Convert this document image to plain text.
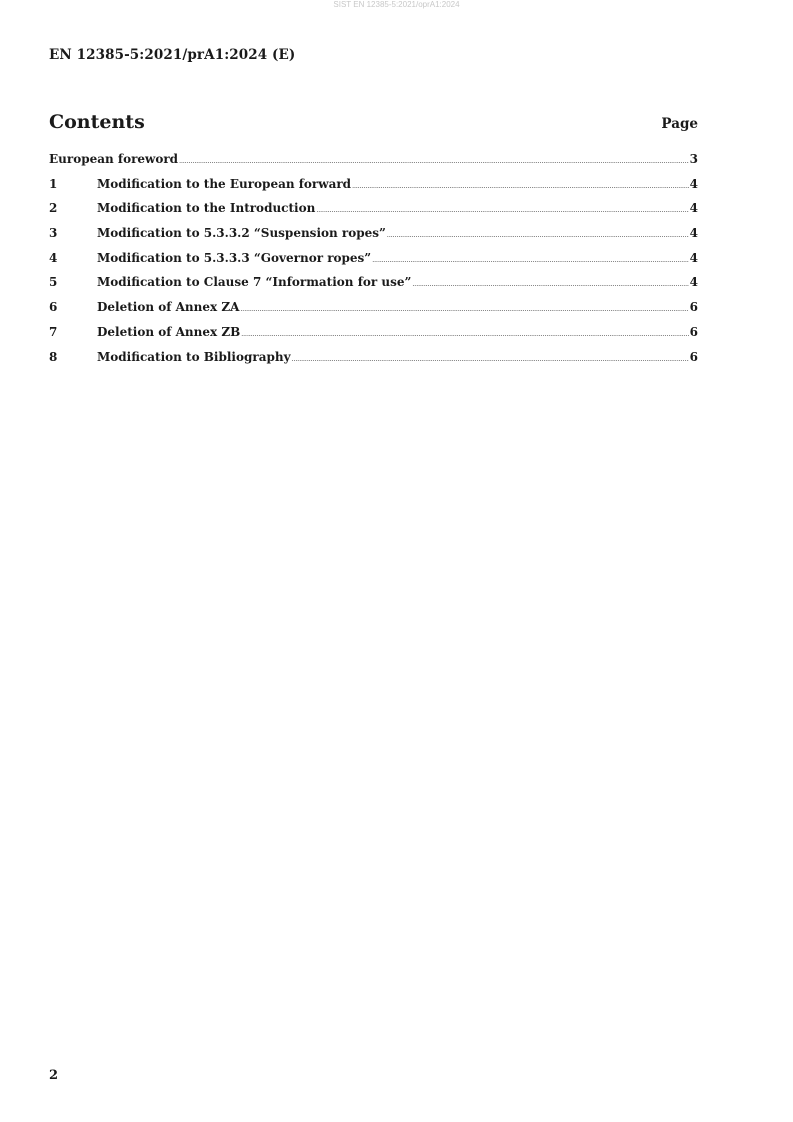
SIST EN 12385-5:2021/oprA1:2024
EN 12385-5:2021/prA1:2024 (E)
Contents	Page
European foreword .....	3
1	Modification to the European forward .....	4
2	Modification to the Introduction .....	4
3	Modification to 5.3.3.2 “Suspension ropes” .....	4
4	Modification to 5.3.3.3 “Governor ropes” .....	4
5	Modification to Clause 7 “Information for use” .....	4
6	Deletion of Annex ZA .....	6
7	Deletion of Annex ZB .....	6
8	Modification to Bibliography .....	6
2
